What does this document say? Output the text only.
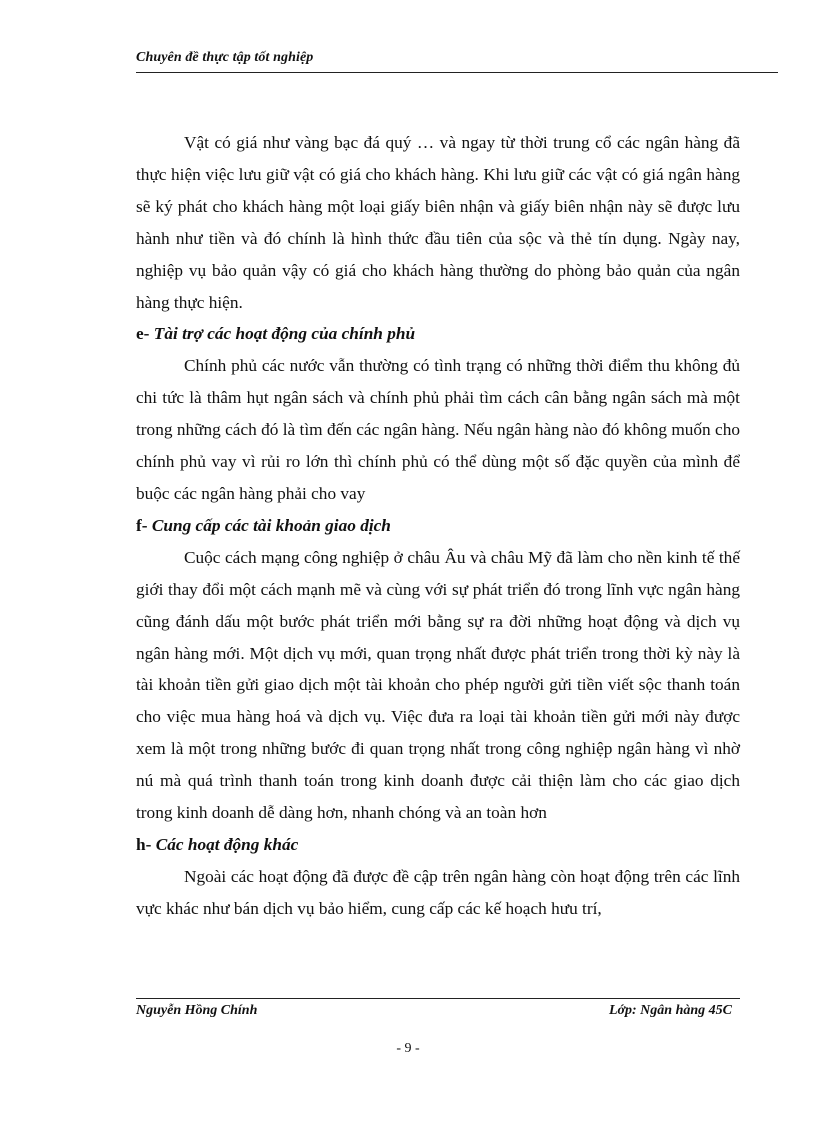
Chuyên đề thực tập tốt nghiệp

Vật có giá như vàng bạc đá quý … và ngay từ thời trung cổ các ngân hàng đã thực hiện việc lưu giữ vật có giá cho khách hàng. Khi lưu giữ các vật có giá ngân hàng sẽ ký phát cho khách hàng một loại giấy biên nhận và giấy biên nhận này sẽ được lưu hành như tiền và đó chính là hình thức đầu tiên của sộc và thẻ tín dụng. Ngày nay, nghiệp vụ bảo quản vậy có giá cho khách hàng thường do phòng bảo quản của ngân hàng thực hiện.

e- Tài trợ các hoạt động của chính phủ

Chính phủ các nước vẫn thường có tình trạng có những thời điểm thu không đủ chi tức là thâm hụt ngân sách và chính phủ phải tìm cách cân bằng ngân sách mà một trong những cách đó là tìm đến các ngân hàng. Nếu ngân hàng nào đó không muốn cho chính phủ vay vì rủi ro lớn thì chính phủ có thể dùng một số đặc quyền của mình để buộc các ngân hàng phải cho vay

f- Cung cấp các tài khoản giao dịch

Cuộc cách mạng công nghiệp ở châu Âu và châu Mỹ đã làm cho nền kinh tế thế giới thay đổi một cách mạnh mẽ và cùng với sự phát triển đó trong lĩnh vực ngân hàng cũng đánh dấu một bước phát triển mới bằng sự ra đời những hoạt động và dịch vụ ngân hàng mới. Một dịch vụ mới, quan trọng nhất được phát triển trong thời kỳ này là tài khoản tiền gửi giao dịch một tài khoản cho phép người gửi tiền viết sộc thanh toán cho việc mua hàng hoá và dịch vụ. Việc đưa ra loại tài khoản tiền gửi mới này được xem là một trong những bước đi quan trọng nhất trong công nghiệp ngân hàng vì nhờ nú mà quá trình thanh toán trong kinh doanh được cải thiện làm cho các giao dịch trong kinh doanh dễ dàng hơn, nhanh chóng và an toàn hơn

h- Các hoạt động khác

Ngoài các hoạt động đã được đề cập trên ngân hàng còn hoạt động trên các lĩnh vực khác như bán dịch vụ bảo hiểm, cung cấp các kế hoạch hưu trí,

Nguyễn Hồng Chính	Lớp: Ngân hàng 45C
- 9 -
